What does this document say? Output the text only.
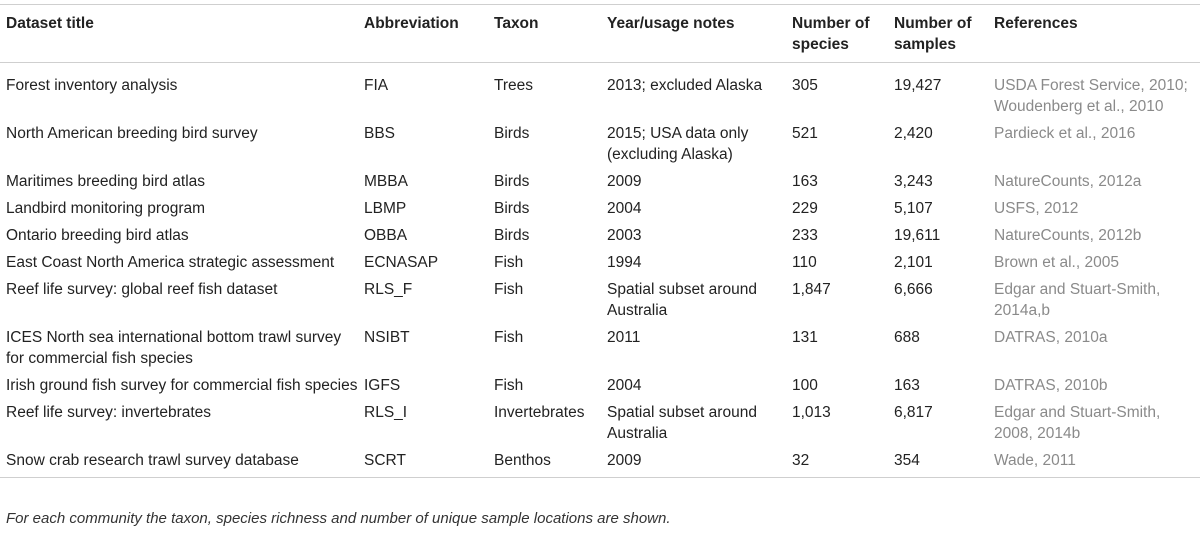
Dataset title	Abbreviation	Taxon	Year/usage notes	Number of species	Number of samples	References
Forest inventory analysis	FIA	Trees	2013; excluded Alaska	305	19,427	USDA Forest Service, 2010; Woudenberg et al., 2010
North American breeding bird survey	BBS	Birds	2015; USA data only (excluding Alaska)	521	2,420	Pardieck et al., 2016
Maritimes breeding bird atlas	MBBA	Birds	2009	163	3,243	NatureCounts, 2012a
Landbird monitoring program	LBMP	Birds	2004	229	5,107	USFS, 2012
Ontario breeding bird atlas	OBBA	Birds	2003	233	19,611	NatureCounts, 2012b
East Coast North America strategic assessment	ECNASAP	Fish	1994	110	2,101	Brown et al., 2005
Reef life survey: global reef fish dataset	RLS_F	Fish	Spatial subset around Australia	1,847	6,666	Edgar and Stuart-Smith, 2014a,b
ICES North sea international bottom trawl survey for commercial fish species	NSIBT	Fish	2011	131	688	DATRAS, 2010a
Irish ground fish survey for commercial fish species	IGFS	Fish	2004	100	163	DATRAS, 2010b
Reef life survey: invertebrates	RLS_I	Invertebrates	Spatial subset around Australia	1,013	6,817	Edgar and Stuart-Smith, 2008, 2014b
Snow crab research trawl survey database	SCRT	Benthos	2009	32	354	Wade, 2011
For each community the taxon, species richness and number of unique sample locations are shown.
